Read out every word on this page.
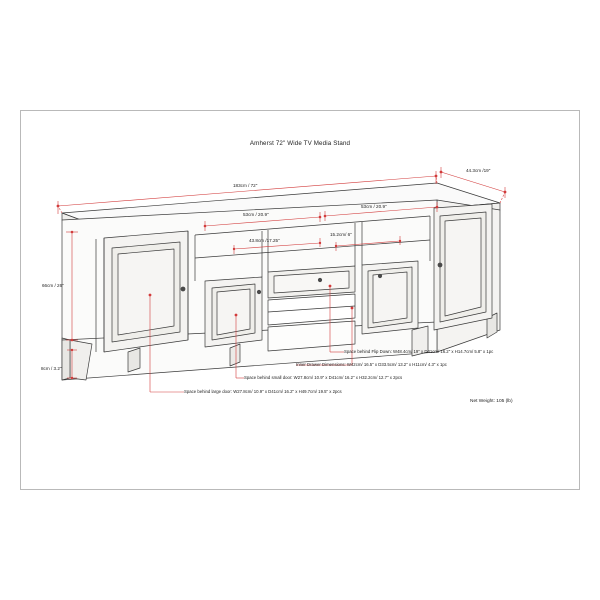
Amherst 72" Wide TV Media Stand
Net Weight: 105 (lb)
183cm / 72"
44.3cm /19"
53cm / 20.9"
53cm / 20.9"
43.8cm /17.25"
15.2cm/ 6"
66cm / 26"
8cm / 3.2"
Space behind Flip Down: W48.4cm/ 19" x D41cm/ 16.2" x H14.7cm/ 5.8" x 1pc
Inner Drawer Dimensions: W42cm/ 16.5" x D33.5cm/ 13.2" x H11cm/ 4.3" x 1pc
Space behind small door: W27.8cm/ 10.9" x D41cm/ 16.2" x H32.2cm/ 12.7" x 2pcs
Space behind large door: W27.8cm/ 10.9" x D41cm/ 16.2" x H49.7cm/ 19.5" x 2pcs
